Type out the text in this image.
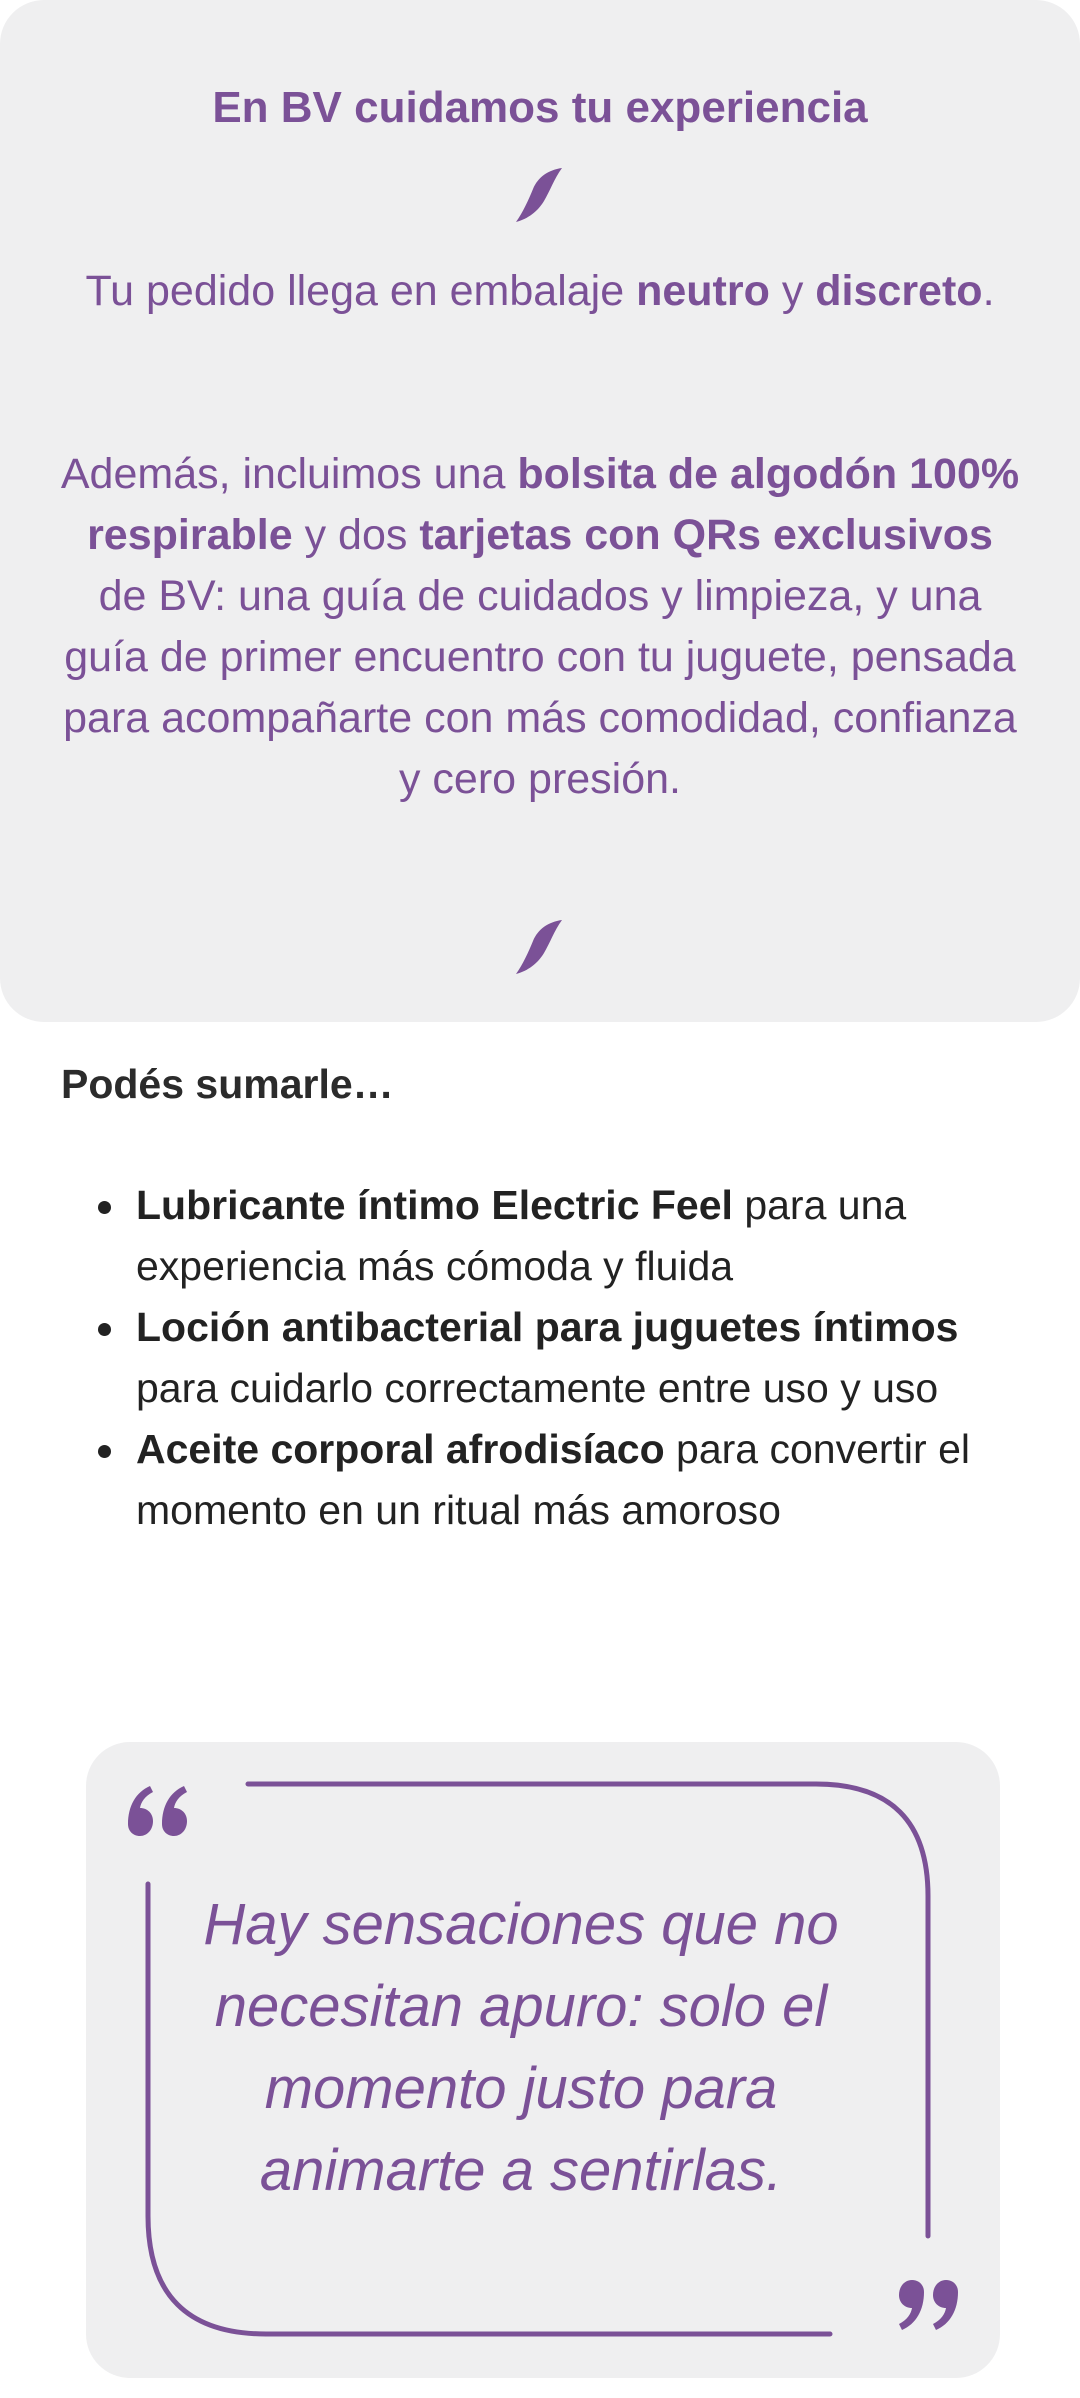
En BV cuidamos tu experiencia

Tu pedido llega en embalaje neutro y discreto.

Además, incluimos una bolsita de algodón 100% respirable y dos tarjetas con QRs exclusivos de BV: una guía de cuidados y limpieza, y una guía de primer encuentro con tu juguete, pensada para acompañarte con más comodidad, confianza y cero presión.

Podés sumarle…
Lubricante íntimo Electric Feel para una experiencia más cómoda y fluida
Loción antibacterial para juguetes íntimos para cuidarlo correctamente entre uso y uso
Aceite corporal afrodisíaco para convertir el momento en un ritual más amoroso

Hay sensaciones que no necesitan apuro: solo el momento justo para animarte a sentirlas.
